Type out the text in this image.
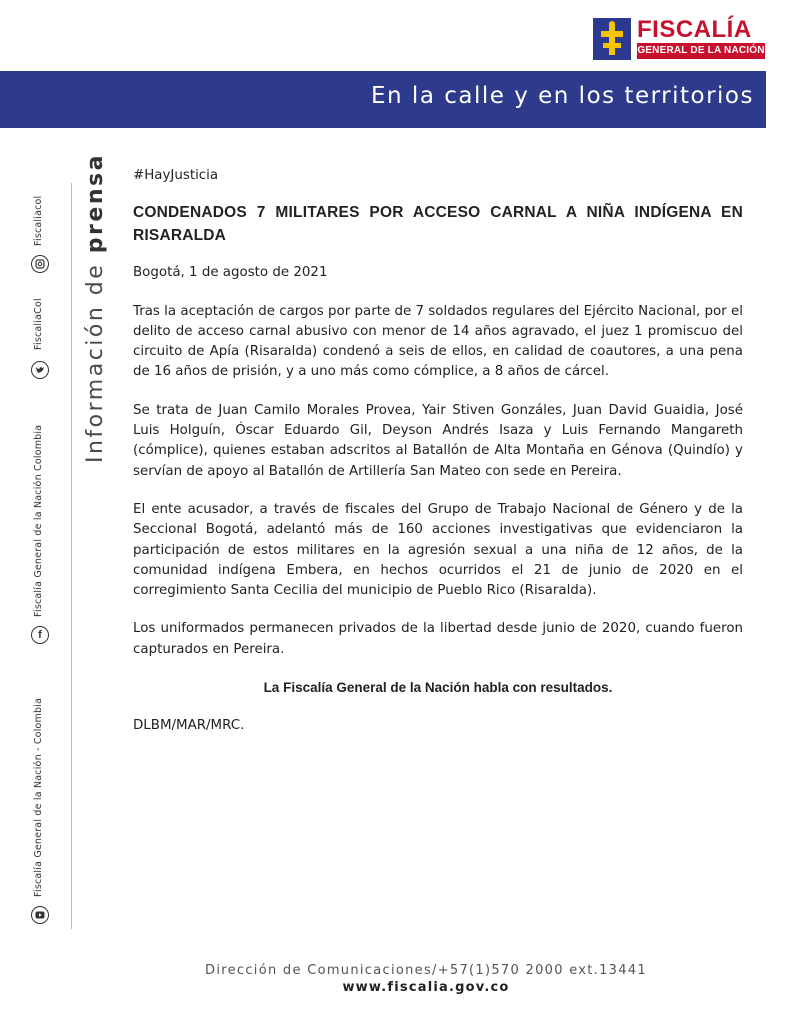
FISCALÍA
GENERAL DE LA NACIÓN
En la calle y en los territorios
Información de prensa
Fiscaliacol
FiscaliaCol
f
Fiscalía General de la Nación Colombia
Fiscalía General de la Nación - Colombia

#HayJusticia

CONDENADOS 7 MILITARES POR ACCESO CARNAL A NIÑA INDÍGENA EN RISARALDA

Bogotá, 1 de agosto de 2021

Tras la aceptación de cargos por parte de 7 soldados regulares del Ejército Nacional, por el delito de acceso carnal abusivo con menor de 14 años agravado, el juez 1 promiscuo del circuito de Apía (Risaralda) condenó a seis de ellos, en calidad de coautores, a una pena de 16 años de prisión, y a uno más como cómplice, a 8 años de cárcel.

Se trata de Juan Camilo Morales Provea, Yair Stiven Gonzáles, Juan David Guaidia, José Luis Holguín, Óscar Eduardo Gil, Deyson Andrés Isaza y Luis Fernando Mangareth (cómplice), quienes estaban adscritos al Batallón de Alta Montaña en Génova (Quindío) y servían de apoyo al Batallón de Artillería San Mateo con sede en Pereira.

El ente acusador, a través de fiscales del Grupo de Trabajo Nacional de Género y de la Seccional Bogotá, adelantó más de 160 acciones investigativas que evidenciaron la participación de estos militares en la agresión sexual a una niña de 12 años, de la comunidad indígena Embera, en hechos ocurridos el 21 de junio de 2020 en el corregimiento Santa Cecilia del municipio de Pueblo Rico (Risaralda).

Los uniformados permanecen privados de la libertad desde junio de 2020, cuando fueron capturados en Pereira.

La Fiscalía General de la Nación habla con resultados.

DLBM/MAR/MRC.

Dirección de Comunicaciones/+57(1)570 2000 ext.13441
www.fiscalia.gov.co
